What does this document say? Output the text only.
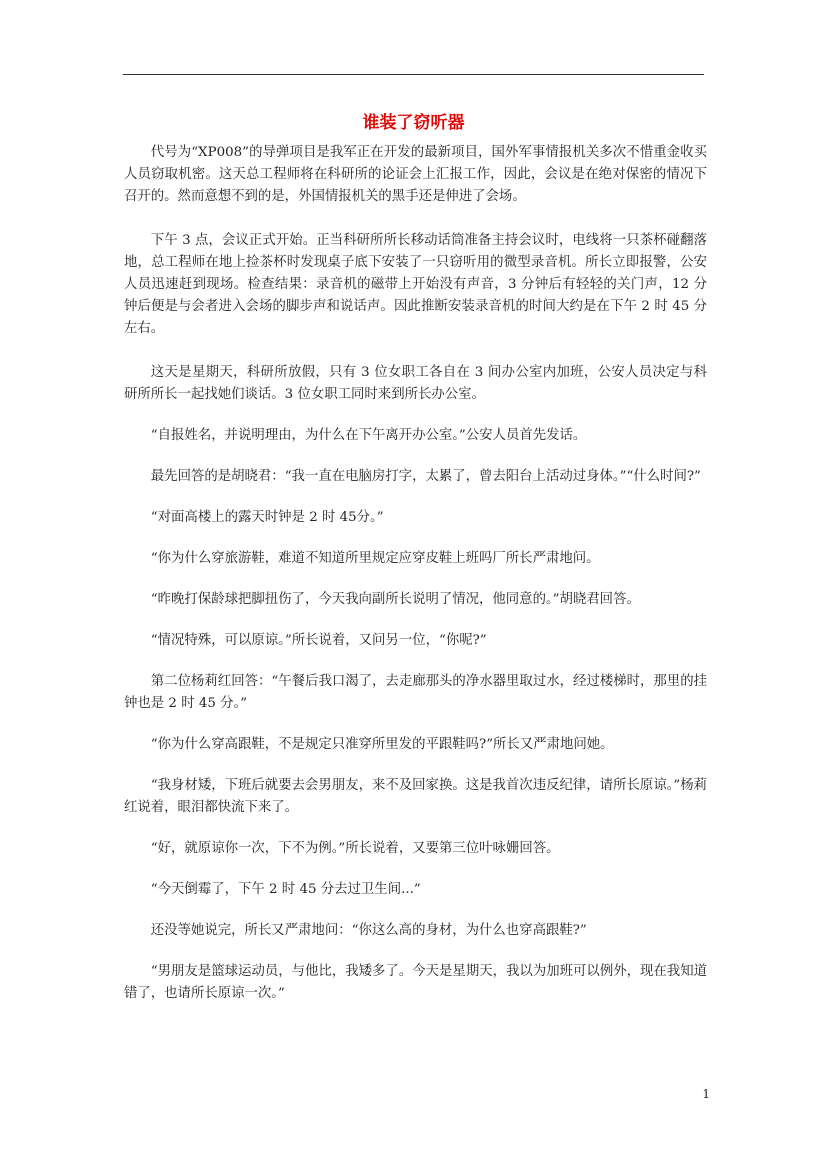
谁装了窃听器

代号为“XP008”的导弹项目是我军正在开发的最新项目，国外军事情报机关多次不惜重金收买人员窃取机密。这天总工程师将在科研所的论证会上汇报工作，因此，会议是在绝对保密的情况下召开的。然而意想不到的是，外国情报机关的黑手还是伸进了会场。

下午 3 点，会议正式开始。正当科研所所长移动话筒准备主持会议时，电线将一只茶杯碰翻落地，总工程师在地上捡茶杯时发现桌子底下安装了一只窃听用的微型录音机。所长立即报警，公安人员迅速赶到现场。检查结果：录音机的磁带上开始没有声音，3 分钟后有轻轻的关门声，12 分钟后便是与会者进入会场的脚步声和说话声。因此推断安装录音机的时间大约是在下午 2 时 45 分左右。

这天是星期天，科研所放假，只有 3 位女职工各自在 3 间办公室内加班，公安人员决定与科研所所长一起找她们谈话。3 位女职工同时来到所长办公室。

“自报姓名，并说明理由，为什么在下午离开办公室。”公安人员首先发话。

最先回答的是胡晓君：“我一直在电脑房打字，太累了，曾去阳台上活动过身体。”“什么时间?”

“对面高楼上的露天时钟是 2 时 45分。”

“你为什么穿旅游鞋，难道不知道所里规定应穿皮鞋上班吗厂所长严肃地问。

“昨晚打保龄球把脚扭伤了，今天我向副所长说明了情况，他同意的。”胡晓君回答。

“情况特殊，可以原谅。”所长说着，又问另一位，“你呢?”

第二位杨莉红回答：“午餐后我口渴了，去走廊那头的净水器里取过水，经过楼梯时，那里的挂钟也是 2 时 45 分。”

“你为什么穿高跟鞋，不是规定只准穿所里发的平跟鞋吗?”所长又严肃地问她。

“我身材矮，下班后就要去会男朋友，来不及回家换。这是我首次违反纪律，请所长原谅。”杨莉红说着，眼泪都快流下来了。

“好，就原谅你一次，下不为例。”所长说着，又要第三位叶咏姗回答。

“今天倒霉了，下午 2 时 45 分去过卫生间...”

还没等她说完，所长又严肃地问：“你这么高的身材，为什么也穿高跟鞋?”

“男朋友是篮球运动员，与他比，我矮多了。今天是星期天，我以为加班可以例外，现在我知道错了，也请所长原谅一次。”

1
